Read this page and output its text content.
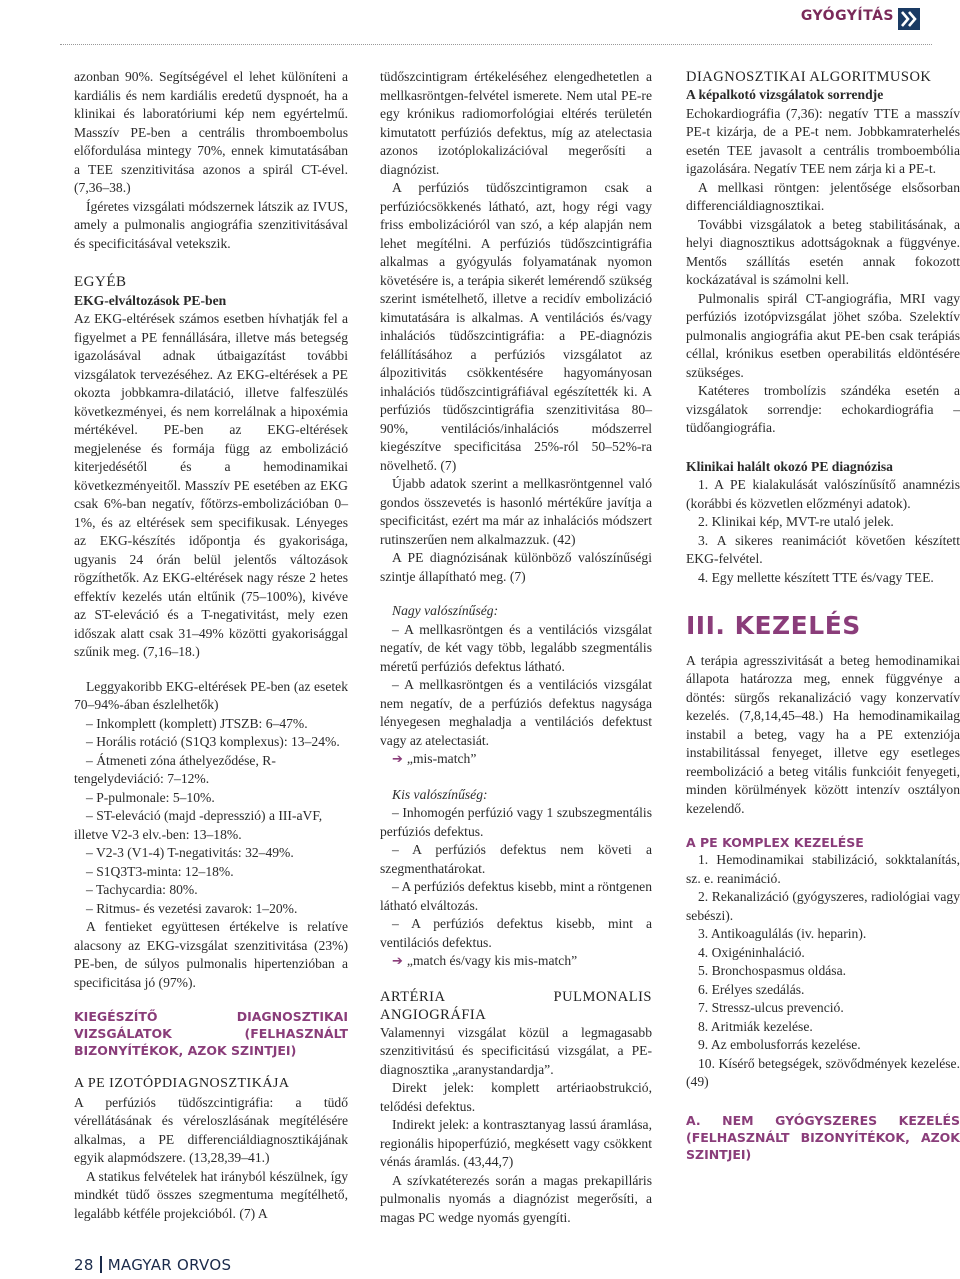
GYÓGYÍTÁS

azonban 90%. Segítségével el lehet különíteni a kardiális és nem kardiális eredetű dyspnoét, ha a klinikai és laboratóriumi kép nem egyértelmű. Masszív PE-ben a centrális thromboembolus előfordulása mintegy 70%, ennek kimutatásában a TEE szenzitivitása azonos a spirál CT-ével. (7,36–38.)

Ígéretes vizsgálati módszernek látszik az IVUS, amely a pulmonalis angiográfia szenzitivitásával és specificitásával vetekszik.

EGYÉB

EKG-elváltozások PE-ben

Az EKG-eltérések számos esetben hívhatják fel a figyelmet a PE fennállására, illetve más betegség igazolásával adnak útbaigazítást további vizsgálatok tervezéséhez. Az EKG-eltérések a PE okozta jobbkamra-dilatáció, illetve falfeszülés következményei, és nem korrelálnak a hipoxémia mértékével. PE-ben az EKG-eltérések megjelenése és formája függ az embolizáció kiterjedésétől és a hemodinamikai következményeitől. Masszív PE esetében az EKG csak 6%-ban negatív, főtörzs-embolizációban 0–1%, és az eltérések sem specifikusak. Lényeges az EKG-készítés időpontja és gyakorisága, ugyanis 24 órán belül jelentős változások rögzíthetők. Az EKG-eltérések nagy része 2 hetes effektív kezelés után eltűnik (75–100%), kivéve az ST-eleváció és a T-negativitást, mely ezen időszak alatt csak 31–49% közötti gyakorisággal szűnik meg. (7,16–18.)

Leggyakoribb EKG-eltérések PE-ben (az esetek 70–94%-ában észlelhetők)

– Inkomplett (komplett) JTSZB: 6–47%.

– Horális rotáció (S1Q3 komplexus): 13–24%.

– Átmeneti zóna áthelyeződése, R-tengelydeviáció: 7–12%.

– P-pulmonale: 5–10%.

– ST-eleváció (majd -depresszió) a III-aVF, illetve V2-3 elv.-ben: 13–18%.

– V2-3 (V1-4) T-negativitás: 32–49%.

– S1Q3T3-minta: 12–18%.

– Tachycardia: 80%.

– Ritmus- és vezetési zavarok: 1–20%.

A fentieket együttesen értékelve is relatíve alacsony az EKG-vizsgálat szenzitivitása (23%) PE-ben, de súlyos pulmonalis hipertenzióban a specificitása jó (97%).

KIEGÉSZÍTŐ DIAGNOSZTIKAI VIZSGÁLATOK (FELHASZNÁLT BIZONYÍTÉKOK, AZOK SZINTJEI)

A PE IZOTÓPDIAGNOSZTIKÁJA

A perfúziós tüdőszcintigráfia: a tüdő vérellátásának és véreloszlásának megítélésére alkalmas, a PE differenciáldiagnosztikájának egyik alapmódszere. (13,28,39–41.)

A statikus felvételek hat irányból készülnek, így mindkét tüdő összes szegmentuma megítélhető, legalább kétféle projekcióból. (7) A

tüdőszcintigram értékeléséhez elengedhetetlen a mellkasröntgen-felvétel ismerete. Nem utal PE-re egy krónikus radiomorfológiai eltérés területén kimutatott perfúziós defektus, míg az atelectasia azonos izotóplokalizációval megerősíti a diagnózist.

A perfúziós tüdőszcintigramon csak a perfúziócsökkenés látható, azt, hogy régi vagy friss embolizációról van szó, a kép alapján nem lehet megítélni. A perfúziós tüdőszcintigráfia alkalmas a gyógyulás folyamatának nyomon követésére is, a terápia sikerét lemérendő szükség szerint ismételhető, illetve a recidív embolizáció kimutatására is alkalmas. A ventilációs és/vagy inhalációs tüdőszcintigráfia: a PE-diagnózis felállításához a perfúziós vizsgálatot az álpozitivitás csökkentésére hagyományosan inhalációs tüdőszcintigráfiával egészítették ki. A perfúziós tüdőszcintigráfia szenzitivitása 80–90%, ventilációs/inhalációs módszerrel kiegészítve specificitása 25%-ról 50–52%-ra növelhető. (7)

Újabb adatok szerint a mellkasröntgennel való gondos összevetés is hasonló mértékűre javítja a specificitást, ezért ma már az inhalációs módszert rutinszerűen nem alkalmazzuk. (42)

A PE diagnózisának különböző valószínűségi szintje állapítható meg. (7)

Nagy valószínűség:

– A mellkasröntgen és a ventilációs vizsgálat negatív, de két vagy több, legalább szegmentális méretű perfúziós defektus látható.

– A mellkasröntgen és a ventilációs vizsgálat nem negatív, de a perfúziós defektus nagysága lényegesen meghaladja a ventilációs defektust vagy az atelectasiát.

➔ „mis-match”

Kis valószínűség:

– Inhomogén perfúzió vagy 1 szubszegmentális perfúziós defektus.

– A perfúziós defektus nem követi a szegmenthatárokat.

– A perfúziós defektus kisebb, mint a röntgenen látható elváltozás.

– A perfúziós defektus kisebb, mint a ventilációs defektus.

➔ „match és/vagy kis mis-match”

ARTÉRIA PULMONALIS ANGIOGRÁFIA

Valamennyi vizsgálat közül a legmagasabb szenzitivitású és specificitású vizsgálat, a PE-diagnosztika „aranystandardja”.

Direkt jelek: komplett artériaobstrukció, telődési defektus.

Indirekt jelek: a kontrasztanyag lassú áramlása, regionális hipoperfúzió, megkésett vagy csökkent vénás áramlás. (43,44,7)

A szívkatéterezés során a magas prekapilláris pulmonalis nyomás a diagnózist megerősíti, a magas PC wedge nyomás gyengíti.

DIAGNOSZTIKAI ALGORITMUSOK

A képalkotó vizsgálatok sorrendje

Echokardiográfia (7,36): negatív TTE a masszív PE-t kizárja, de a PE-t nem. Jobbkamraterhelés esetén TEE javasolt a centrális tromboembólia igazolására. Negatív TEE nem zárja ki a PE-t.

A mellkasi röntgen: jelentősége elsősorban differenciáldiagnosztikai.

További vizsgálatok a beteg stabilitásának, a helyi diagnosztikus adottságoknak a függvénye. Mentős szállítás esetén annak fokozott kockázatával is számolni kell.

Pulmonalis spirál CT-angiográfia, MRI vagy perfúziós izotópvizsgálat jöhet szóba. Szelektív pulmonalis angiográfia akut PE-ben csak terápiás céllal, krónikus esetben operabilitás eldöntésére szükséges.

Katéteres trombolízis szándéka esetén a vizsgálatok sorrendje: echokardiográfia – tüdőangiográfia.

Klinikai halált okozó PE diagnózisa

1. A PE kialakulását valószínűsítő anamnézis (korábbi és közvetlen előzményi adatok).

2. Klinikai kép, MVT-re utaló jelek.

3. A sikeres reanimációt követően készített EKG-felvétel.

4. Egy mellette készített TTE és/vagy TEE.

III. KEZELÉS

A terápia agresszivitását a beteg hemodinamikai állapota határozza meg, ennek függvénye a döntés: sürgős rekanalizáció vagy konzervatív kezelés. (7,8,14,45–48.) Ha hemodinamikailag instabil a beteg, vagy ha a PE extenziója instabilitással fenyeget, illetve egy esetleges reembolizáció a beteg vitális funkcióit fenyegeti, minden körülmények között intenzív osztályon kezelendő.

A PE KOMPLEX KEZELÉSE

1. Hemodinamikai stabilizáció, sokktalanítás, sz. e. reanimáció.

2. Rekanalizáció (gyógyszeres, radiológiai vagy sebészi).

3. Antikoagulálás (iv. heparin).

4. Oxigéninhaláció.

5. Bronchospasmus oldása.

6. Erélyes szedálás.

7. Stressz-ulcus prevenció.

8. Aritmiák kezelése.

9. Az embolusforrás kezelése.

10. Kísérő betegségek, szövődmények kezelése. (49)

A. NEM GYÓGYSZERES KEZELÉS (FELHASZNÁLT BIZONYÍTÉKOK, AZOK SZINTJEI)

28 MAGYAR ORVOS
